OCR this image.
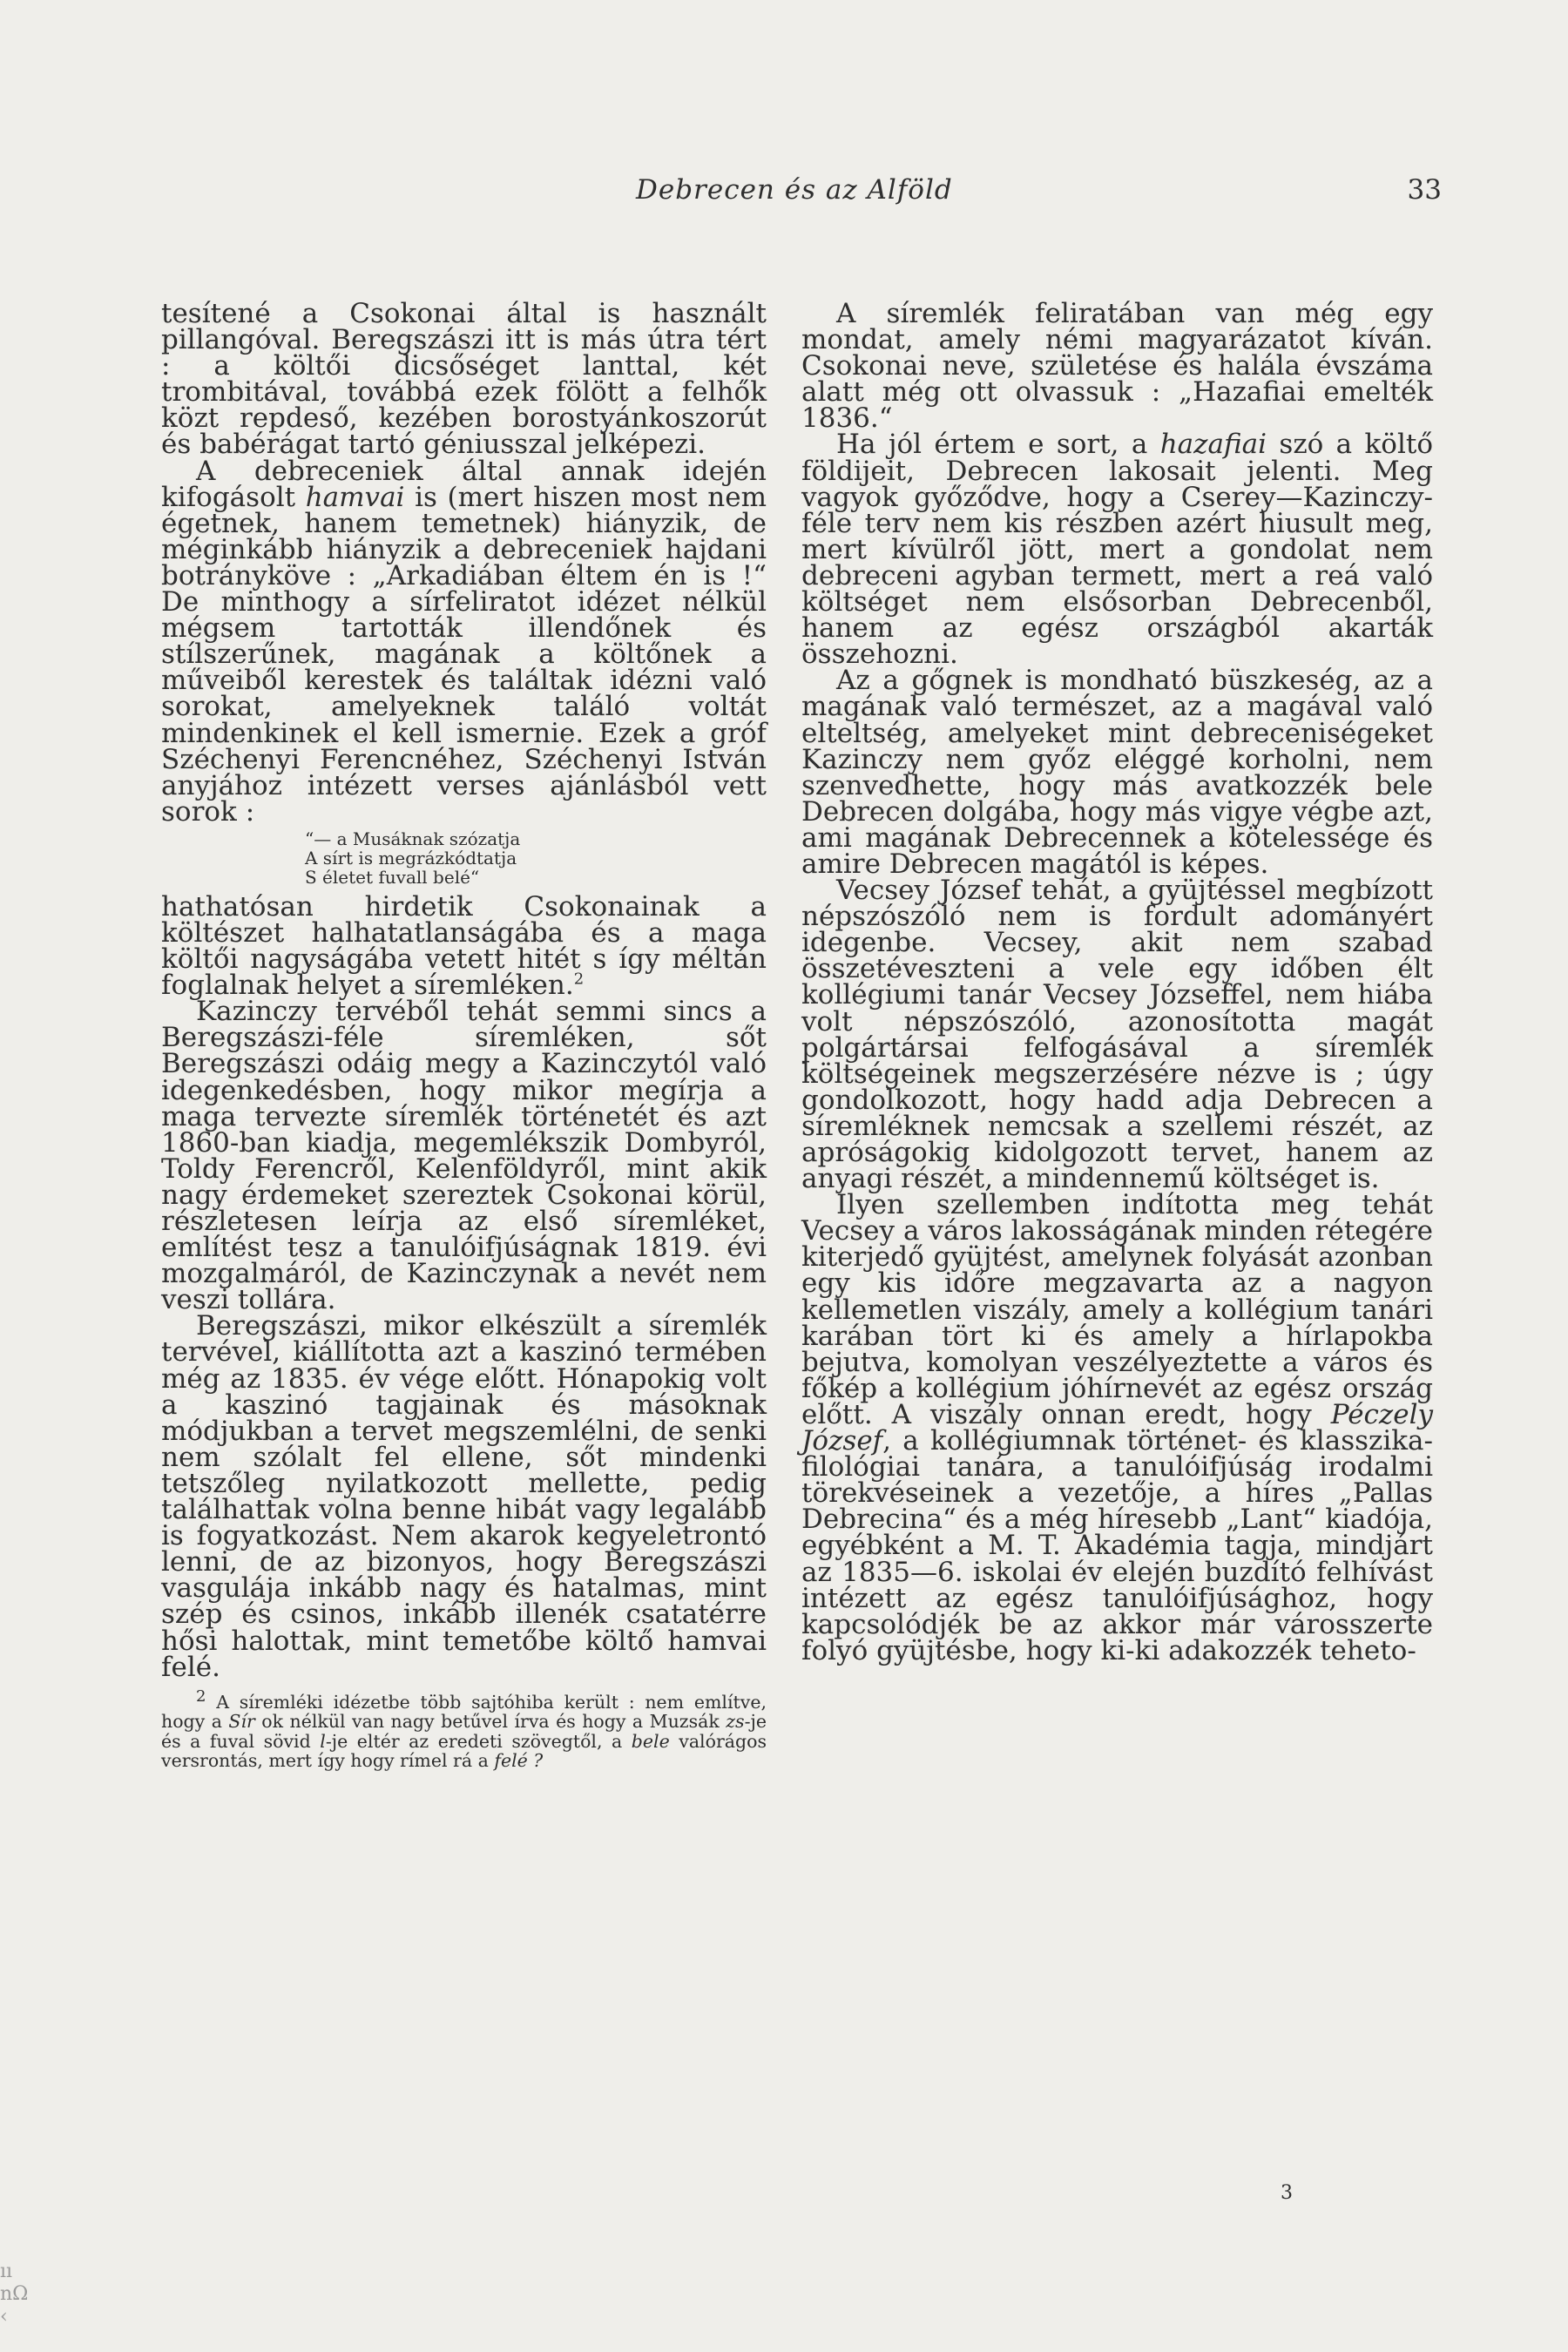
Debrecen és az Alföld	33

tesítené a Csokonai által is használt pillangóval. Beregszászi itt is más útra tért : a költői dicsőséget lanttal, két trombitával, továbbá ezek fölött a felhők közt repdeső, kezében borostyánkoszorút és babérágat tartó géniusszal jelképezi.

A debreceniek által annak idején kifogásolt hamvai is (mert hiszen most nem égetnek, hanem temetnek) hiányzik, de méginkább hiányzik a debreceniek hajdani botránykövе : „Arkadiában éltem én is !“ De minthogy a sírfeliratot idézet nélkül mégsem tartották illendőnek és stílszerűnek, magának a költőnek a műveiből kerestek és találtak idézni való sorokat, amelyeknek találó voltát mindenkinek el kell ismernie. Ezek a gróf Széchenyi Ferencnéhez, Széchenyi István anyjához intézett verses ajánlásból vett sorok :

“— a Musáknak szózatja
A sírt is megrázkódtatja
S életet fuvall belé“

hathatósan hirdetik Csokonainak a költészet halhatatlanságába és a maga költői nagyságába vetett hitét s így méltán foglalnak helyet a síremléken.$^2$

Kazinczy tervéből tehát semmi sincs a Beregszászi-féle síremléken, sőt Beregszászi odáig megy a Kazinczytól való idegenkedésben, hogy mikor megírja a maga tervezte síremlék történetét és azt 1860-ban kiadja, megemlékszik Dombyról, Toldy Ferencről, Kelenföldyről, mint akik nagy érdemeket szereztek Csokonai körül, részletesen leírja az első síremléket, említést tesz a tanulóifjúságnak 1819. évi mozgalmáról, de Kazinczynak a nevét nem veszi tollára.

Beregszászi, mikor elkészült a síremlék tervével, kiállította azt a kaszinó termében még az 1835. év vége előtt. Hónapokig volt a kaszinó tagjainak és másoknak módjukban a tervet megszemlélni, de senki nem szólalt fel ellene, sőt mindenki tetszőleg nyilatkozott mellette, pedig találhattak volna benne hibát vagy legalább is fogyatkozást. Nem akarok kegyeletrontó lenni, de az bizonyos, hogy Beregszászi vasgulája inkább nagy és hatalmas, mint szép és csinos, inkább illenék csatatérre hősi halottak, mint temetőbe költő hamvai felé.

$^2$ A síremléki idézetbe több sajtóhiba került : nem említve, hogy a Sír ok nélkül van nagy betűvel írva és hogy a Muzsák zs-je és a fuval sövid l-je eltér az eredeti szövegtől, a bele valórágos versrontás, mert így hogy rímel rá a felé ?

A síremlék feliratában van még egy mondat, amely némi magyarázatot kíván. Csokonai neve, születése és halála évszáma alatt még ott olvassuk : „Hazafiai emelték 1836.“

Ha jól értem e sort, a hazafiai szó a költő földijeit, Debrecen lakosait jelenti. Meg vagyok győződve, hogy a Cserey—Kazinczy-féle terv nem kis részben azért hiusult meg, mert kívülről jött, mert a gondolat nem debreceni agyban termett, mert a reá való költséget nem elsősorban Debrecenből, hanem az egész országból akarták összehozni.

Az a gőgnek is mondható büszkeség, az a magának való természet, az a magával való elteltség, amelyeket mint debreceniségeket Kazinczy nem győz eléggé korholni, nem szenvedhette, hogy más avatkozzék bele Debrecen dolgába, hogy más vigye végbe azt, ami magának Debrecennek a kötelessége és amire Debrecen magától is képes.

Vecsey József tehát, a gyüjtéssel megbízott népszószóló nem is fordult adományért idegenbe. Vecsey, akit nem szabad összetéveszteni a vele egy időben élt kollégiumi tanár Vecsey Józseffel, nem hiába volt népszószóló, azonosította magát polgártársai felfogásával a síremlék költségeinek megszerzésére nézve is ; úgy gondolkozott, hogy hadd adja Debrecen a síremléknek nemcsak a szellemi részét, az apróságokig kidolgozott tervet, hanem az anyagi részét, a mindennemű költséget is.

Ilyen szellemben indította meg tehát Vecsey a város lakosságának minden rétegére kiterjedő gyüjtést, amelynek folyását azonban egy kis időre megzavarta az a nagyon kellemetlen viszály, amely a kollégium tanári karában tört ki és amely a hírlapokba bejutva, komolyan veszélyeztette a város és főkép a kollégium jóhírnevét az egész ország előtt. A viszály onnan eredt, hogy Péczely József, a kollégiumnak történet- és klasszika-filológiai tanára, a tanulóifjúság irodalmi törekvéseinek a vezetője, a híres „Pallas Debrecina“ és a még híresebb „Lant“ kiadója, egyébként a M. T. Akadémia tagja, mindjárt az 1835—6. iskolai év elején buzdító felhívást intézett az egész tanulóifjúsághoz, hogy kapcsolódjék be az akkor már városszerte folyó gyüjtésbe, hogy ki-ki adakozzék teheto-

3
ıı
nΩ
‹
